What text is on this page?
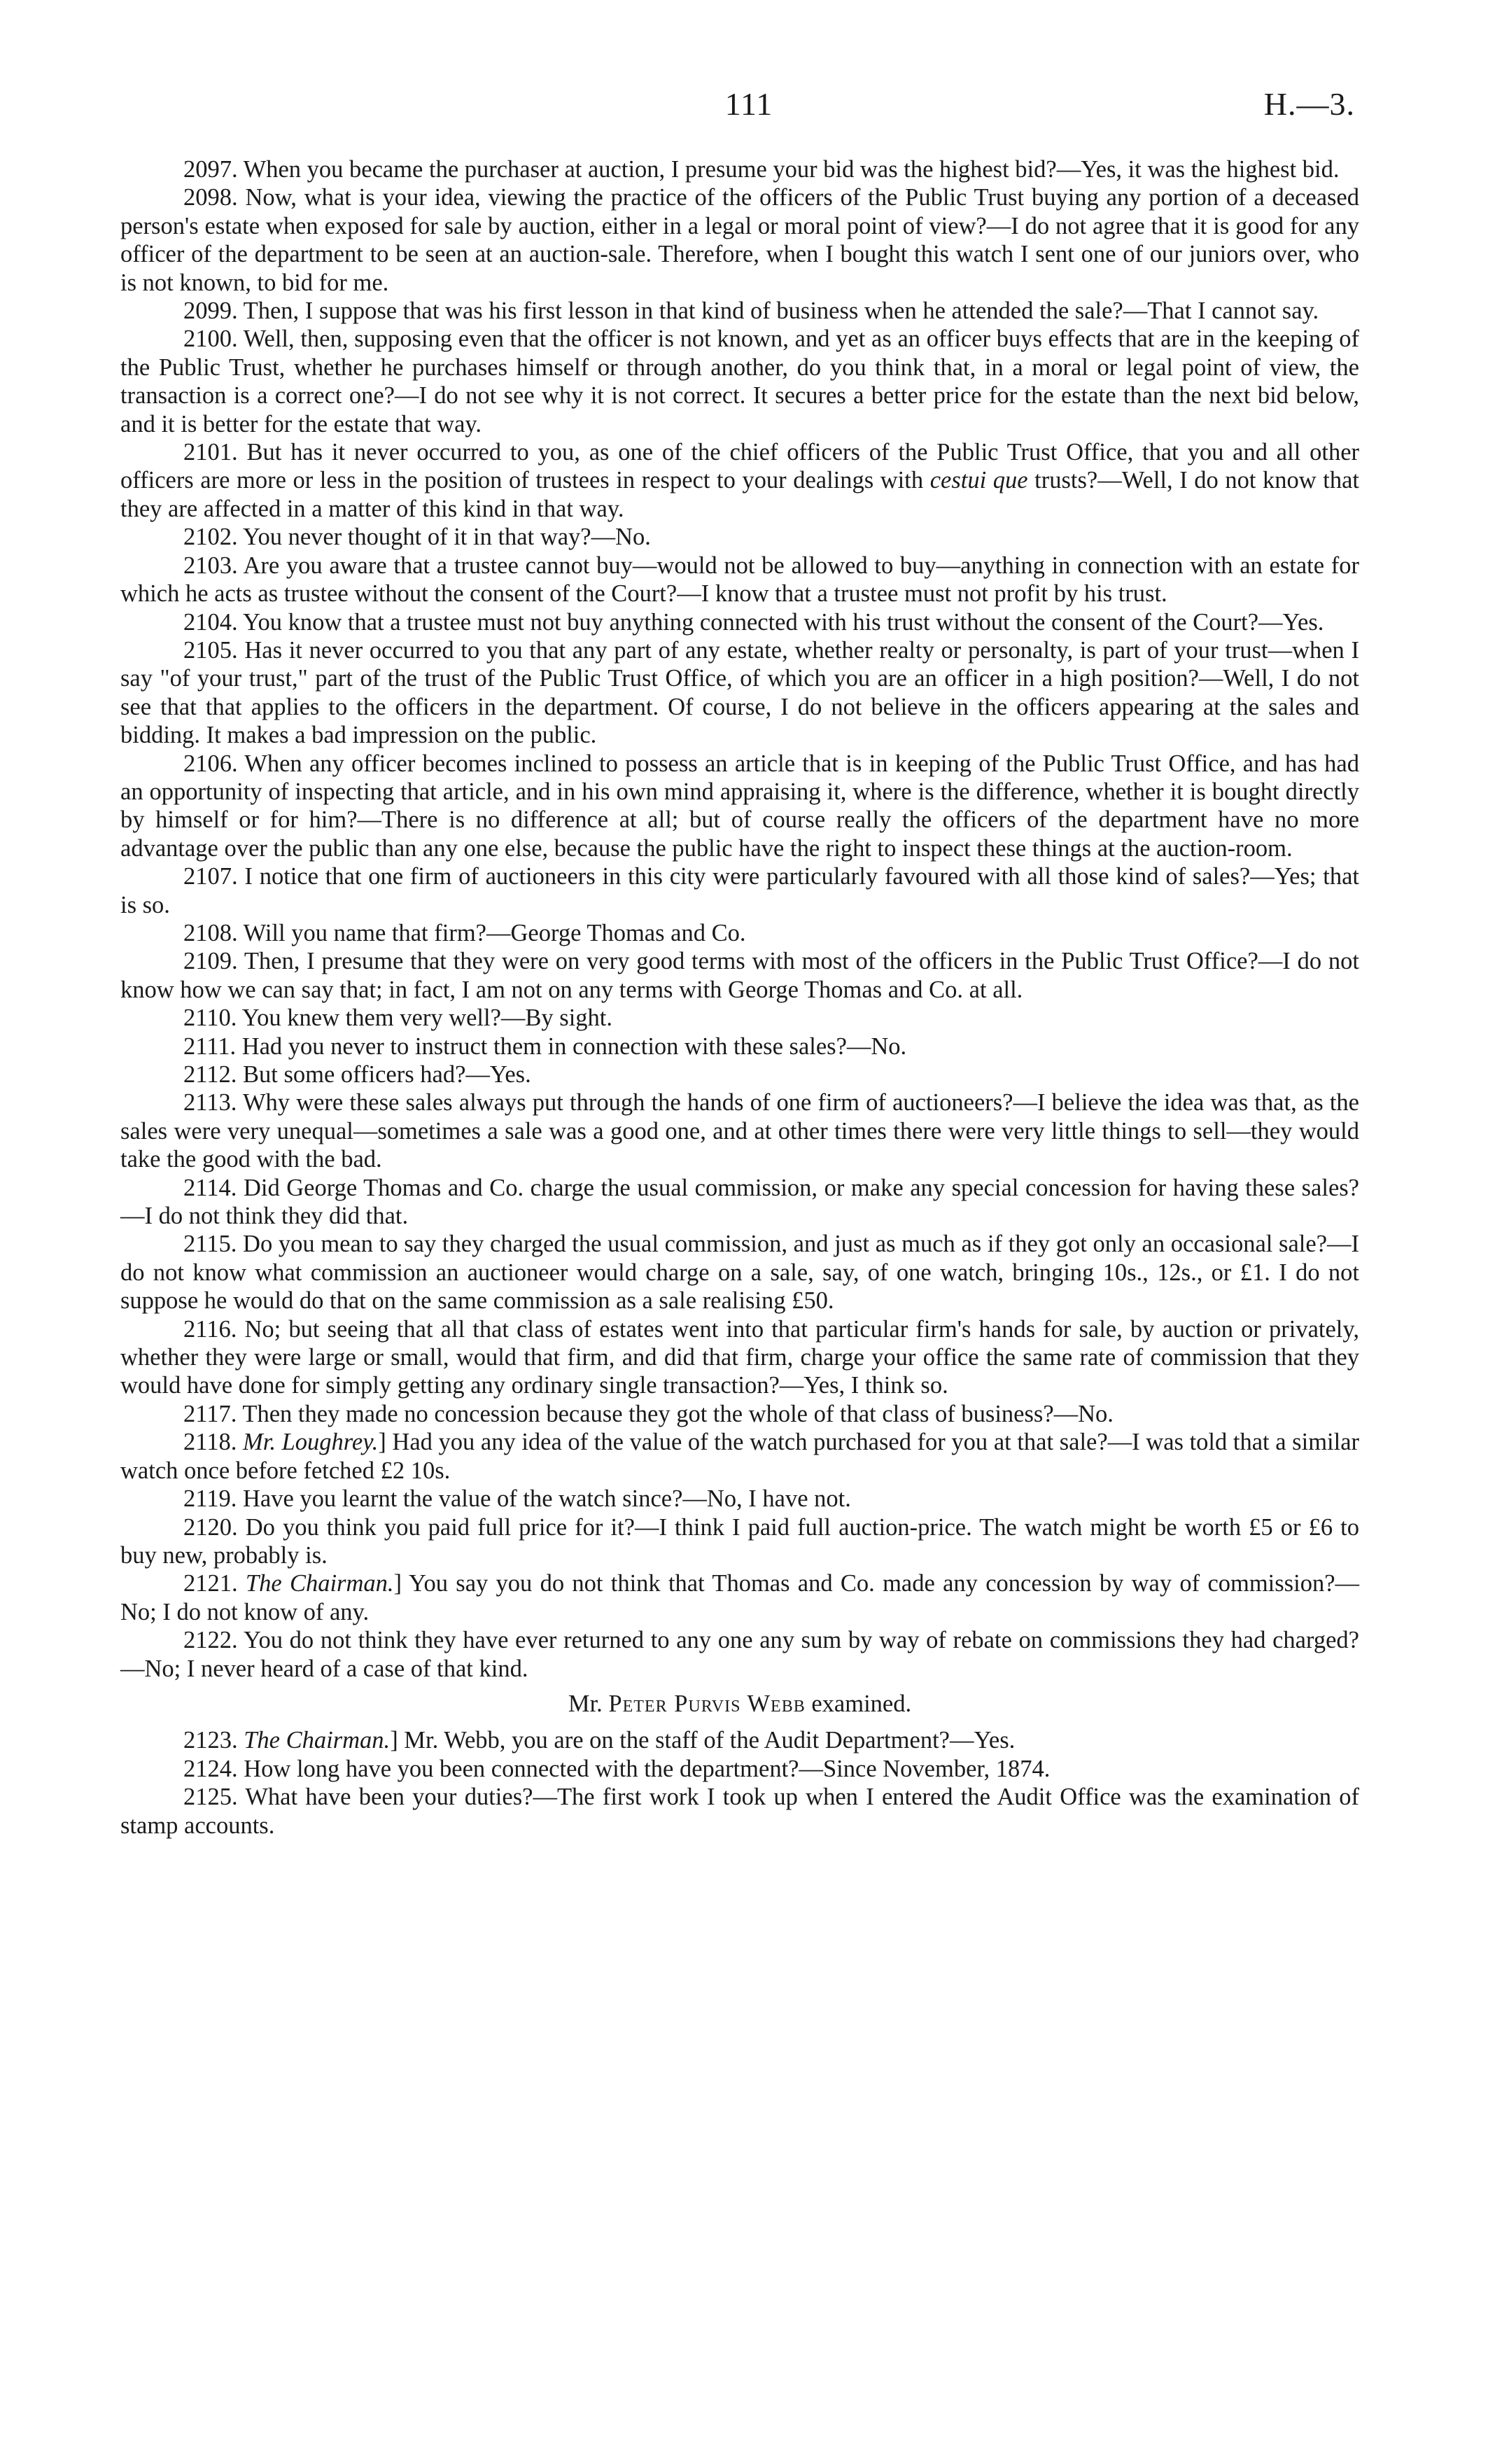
111	H.—3.

2097. When you became the purchaser at auction, I presume your bid was the highest bid?—Yes, it was the highest bid.

2098. Now, what is your idea, viewing the practice of the officers of the Public Trust buying any portion of a deceased person's estate when exposed for sale by auction, either in a legal or moral point of view?—I do not agree that it is good for any officer of the department to be seen at an auction-sale. Therefore, when I bought this watch I sent one of our juniors over, who is not known, to bid for me.

2099. Then, I suppose that was his first lesson in that kind of business when he attended the sale?—That I cannot say.

2100. Well, then, supposing even that the officer is not known, and yet as an officer buys effects that are in the keeping of the Public Trust, whether he purchases himself or through another, do you think that, in a moral or legal point of view, the transaction is a correct one?—I do not see why it is not correct. It secures a better price for the estate than the next bid below, and it is better for the estate that way.

2101. But has it never occurred to you, as one of the chief officers of the Public Trust Office, that you and all other officers are more or less in the position of trustees in respect to your dealings with cestui que trusts?—Well, I do not know that they are affected in a matter of this kind in that way.

2102. You never thought of it in that way?—No.

2103. Are you aware that a trustee cannot buy—would not be allowed to buy—anything in connection with an estate for which he acts as trustee without the consent of the Court?—I know that a trustee must not profit by his trust.

2104. You know that a trustee must not buy anything connected with his trust without the consent of the Court?—Yes.

2105. Has it never occurred to you that any part of any estate, whether realty or personalty, is part of your trust—when I say "of your trust," part of the trust of the Public Trust Office, of which you are an officer in a high position?—Well, I do not see that that applies to the officers in the department. Of course, I do not believe in the officers appearing at the sales and bidding. It makes a bad impression on the public.

2106. When any officer becomes inclined to possess an article that is in keeping of the Public Trust Office, and has had an opportunity of inspecting that article, and in his own mind appraising it, where is the difference, whether it is bought directly by himself or for him?—There is no difference at all; but of course really the officers of the department have no more advantage over the public than any one else, because the public have the right to inspect these things at the auction-room.

2107. I notice that one firm of auctioneers in this city were particularly favoured with all those kind of sales?—Yes; that is so.

2108. Will you name that firm?—George Thomas and Co.

2109. Then, I presume that they were on very good terms with most of the officers in the Public Trust Office?—I do not know how we can say that; in fact, I am not on any terms with George Thomas and Co. at all.

2110. You knew them very well?—By sight.

2111. Had you never to instruct them in connection with these sales?—No.

2112. But some officers had?—Yes.

2113. Why were these sales always put through the hands of one firm of auctioneers?—I believe the idea was that, as the sales were very unequal—sometimes a sale was a good one, and at other times there were very little things to sell—they would take the good with the bad.

2114. Did George Thomas and Co. charge the usual commission, or make any special concession for having these sales?—I do not think they did that.

2115. Do you mean to say they charged the usual commission, and just as much as if they got only an occasional sale?—I do not know what commission an auctioneer would charge on a sale, say, of one watch, bringing 10s., 12s., or £1. I do not suppose he would do that on the same commission as a sale realising £50.

2116. No; but seeing that all that class of estates went into that particular firm's hands for sale, by auction or privately, whether they were large or small, would that firm, and did that firm, charge your office the same rate of commission that they would have done for simply getting any ordinary single transaction?—Yes, I think so.

2117. Then they made no concession because they got the whole of that class of business?—No.

2118. Mr. Loughrey.] Had you any idea of the value of the watch purchased for you at that sale?—I was told that a similar watch once before fetched £2 10s.

2119. Have you learnt the value of the watch since?—No, I have not.

2120. Do you think you paid full price for it?—I think I paid full auction-price. The watch might be worth £5 or £6 to buy new, probably is.

2121. The Chairman.] You say you do not think that Thomas and Co. made any concession by way of commission?—No; I do not know of any.

2122. You do not think they have ever returned to any one any sum by way of rebate on commissions they had charged?—No; I never heard of a case of that kind.

Mr. Peter Purvis Webb examined.

2123. The Chairman.] Mr. Webb, you are on the staff of the Audit Department?—Yes.

2124. How long have you been connected with the department?—Since November, 1874.

2125. What have been your duties?—The first work I took up when I entered the Audit Office was the examination of stamp accounts.
